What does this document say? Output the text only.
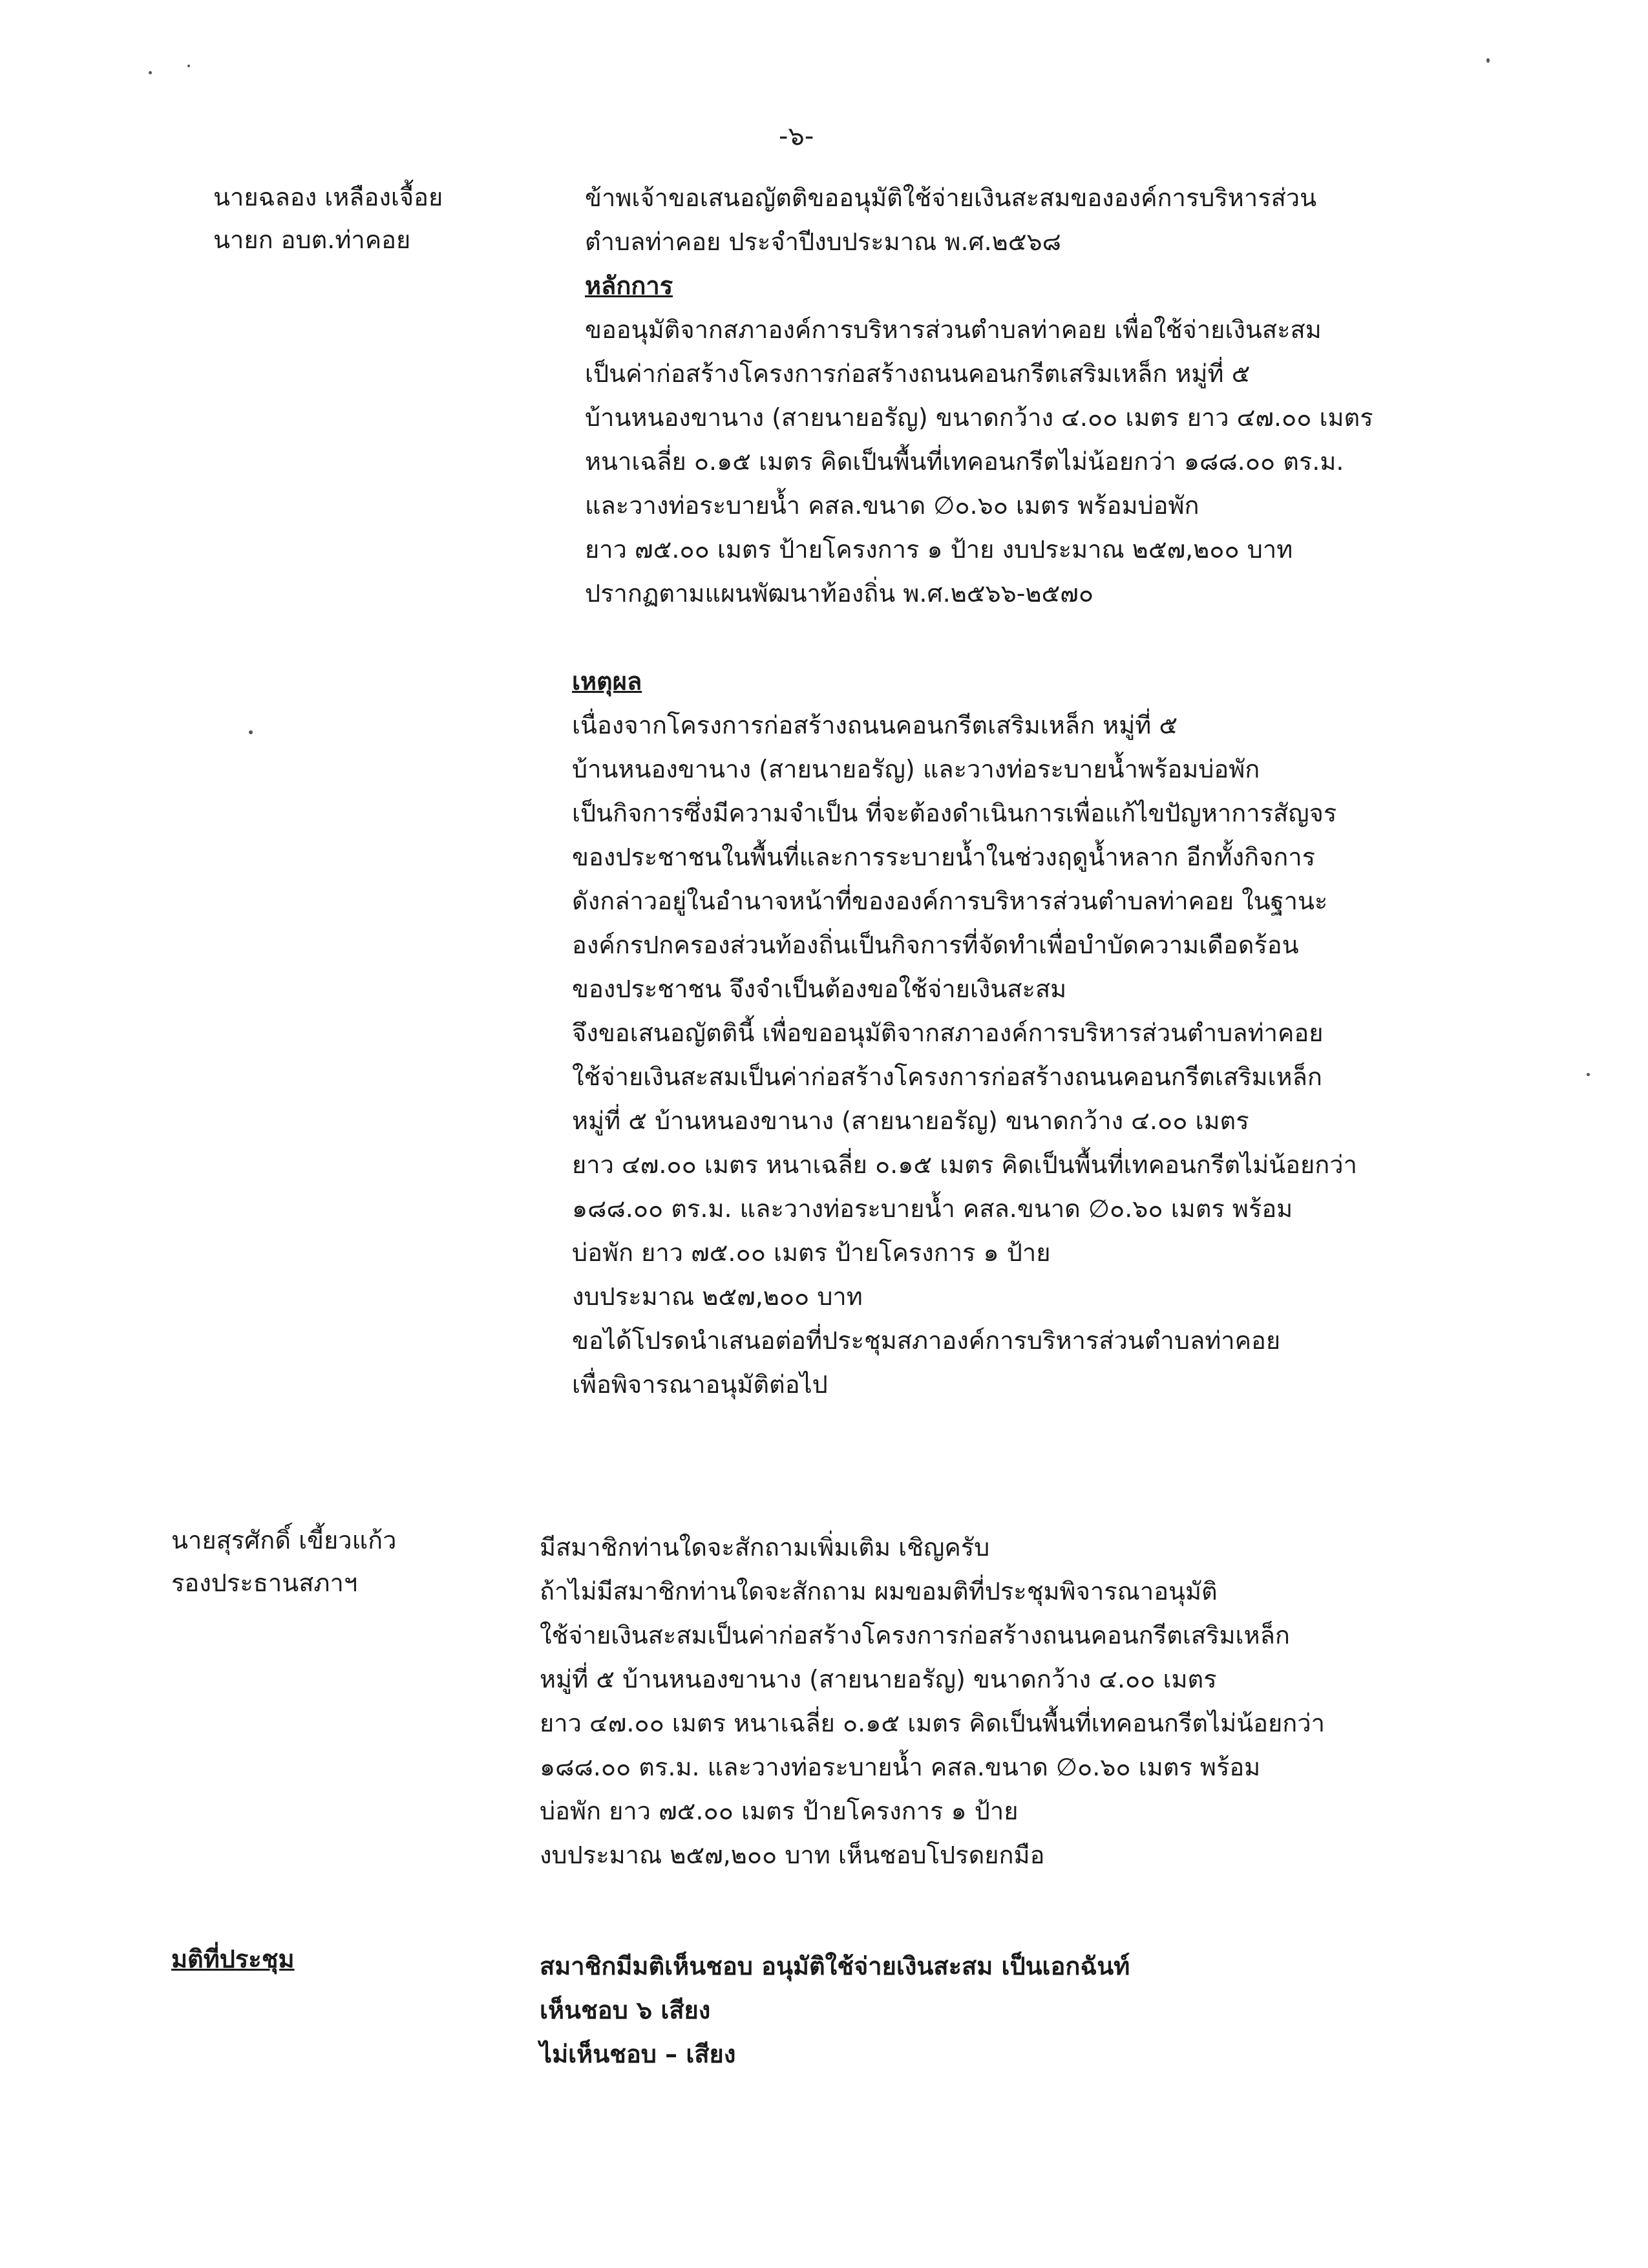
-๖-
นายฉลอง เหลืองเจื้อย
นายก อบต.ท่าคอย
ข้าพเจ้าขอเสนอญัตติขออนุมัติใช้จ่ายเงินสะสมขององค์การบริหารส่วน
ตำบลท่าคอย ประจำปีงบประมาณ พ.ศ.๒๕๖๘
หลักการ
ขออนุมัติจากสภาองค์การบริหารส่วนตำบลท่าคอย เพื่อใช้จ่ายเงินสะสม
เป็นค่าก่อสร้างโครงการก่อสร้างถนนคอนกรีตเสริมเหล็ก หมู่ที่ ๕
บ้านหนองขานาง (สายนายอรัญ) ขนาดกว้าง ๔.๐๐ เมตร ยาว ๔๗.๐๐ เมตร
หนาเฉลี่ย ๐.๑๕ เมตร คิดเป็นพื้นที่เทคอนกรีตไม่น้อยกว่า ๑๘๘.๐๐ ตร.ม.
และวางท่อระบายน้ำ คสล.ขนาด ∅๐.๖๐ เมตร พร้อมบ่อพัก
ยาว ๗๕.๐๐ เมตร ป้ายโครงการ ๑ ป้าย งบประมาณ ๒๕๗,๒๐๐ บาท
ปรากฏตามแผนพัฒนาท้องถิ่น พ.ศ.๒๕๖๖-๒๕๗๐
เหตุผล
เนื่องจากโครงการก่อสร้างถนนคอนกรีตเสริมเหล็ก หมู่ที่ ๕
บ้านหนองขานาง (สายนายอรัญ) และวางท่อระบายน้ำพร้อมบ่อพัก
เป็นกิจการซึ่งมีความจำเป็น ที่จะต้องดำเนินการเพื่อแก้ไขปัญหาการสัญจร
ของประชาชนในพื้นที่และการระบายน้ำในช่วงฤดูน้ำหลาก อีกทั้งกิจการ
ดังกล่าวอยู่ในอำนาจหน้าที่ขององค์การบริหารส่วนตำบลท่าคอย ในฐานะ
องค์กรปกครองส่วนท้องถิ่นเป็นกิจการที่จัดทำเพื่อบำบัดความเดือดร้อน
ของประชาชน จึงจำเป็นต้องขอใช้จ่ายเงินสะสม
จึงขอเสนอญัตตินี้ เพื่อขออนุมัติจากสภาองค์การบริหารส่วนตำบลท่าคอย
ใช้จ่ายเงินสะสมเป็นค่าก่อสร้างโครงการก่อสร้างถนนคอนกรีตเสริมเหล็ก
หมู่ที่ ๕ บ้านหนองขานาง (สายนายอรัญ) ขนาดกว้าง ๔.๐๐ เมตร
ยาว ๔๗.๐๐ เมตร หนาเฉลี่ย ๐.๑๕ เมตร คิดเป็นพื้นที่เทคอนกรีตไม่น้อยกว่า
๑๘๘.๐๐ ตร.ม. และวางท่อระบายน้ำ คสล.ขนาด ∅๐.๖๐ เมตร พร้อม
บ่อพัก ยาว ๗๕.๐๐ เมตร ป้ายโครงการ ๑ ป้าย
งบประมาณ ๒๕๗,๒๐๐ บาท
ขอได้โปรดนำเสนอต่อที่ประชุมสภาองค์การบริหารส่วนตำบลท่าคอย
เพื่อพิจารณาอนุมัติต่อไป
นายสุรศักดิ์ เขี้ยวแก้ว
รองประธานสภาฯ
มีสมาชิกท่านใดจะสักถามเพิ่มเติม เชิญครับ
ถ้าไม่มีสมาชิกท่านใดจะสักถาม ผมขอมติที่ประชุมพิจารณาอนุมัติ
ใช้จ่ายเงินสะสมเป็นค่าก่อสร้างโครงการก่อสร้างถนนคอนกรีตเสริมเหล็ก
หมู่ที่ ๕ บ้านหนองขานาง (สายนายอรัญ) ขนาดกว้าง ๔.๐๐ เมตร
ยาว ๔๗.๐๐ เมตร หนาเฉลี่ย ๐.๑๕ เมตร คิดเป็นพื้นที่เทคอนกรีตไม่น้อยกว่า
๑๘๘.๐๐ ตร.ม. และวางท่อระบายน้ำ คสล.ขนาด ∅๐.๖๐ เมตร พร้อม
บ่อพัก ยาว ๗๕.๐๐ เมตร ป้ายโครงการ ๑ ป้าย
งบประมาณ ๒๕๗,๒๐๐ บาท เห็นชอบโปรดยกมือ
มติที่ประชุม	สมาชิกมีมติเห็นชอบ อนุมัติใช้จ่ายเงินสะสม เป็นเอกฉันท์
เห็นชอบ ๖ เสียง
ไม่เห็นชอบ – เสียง
